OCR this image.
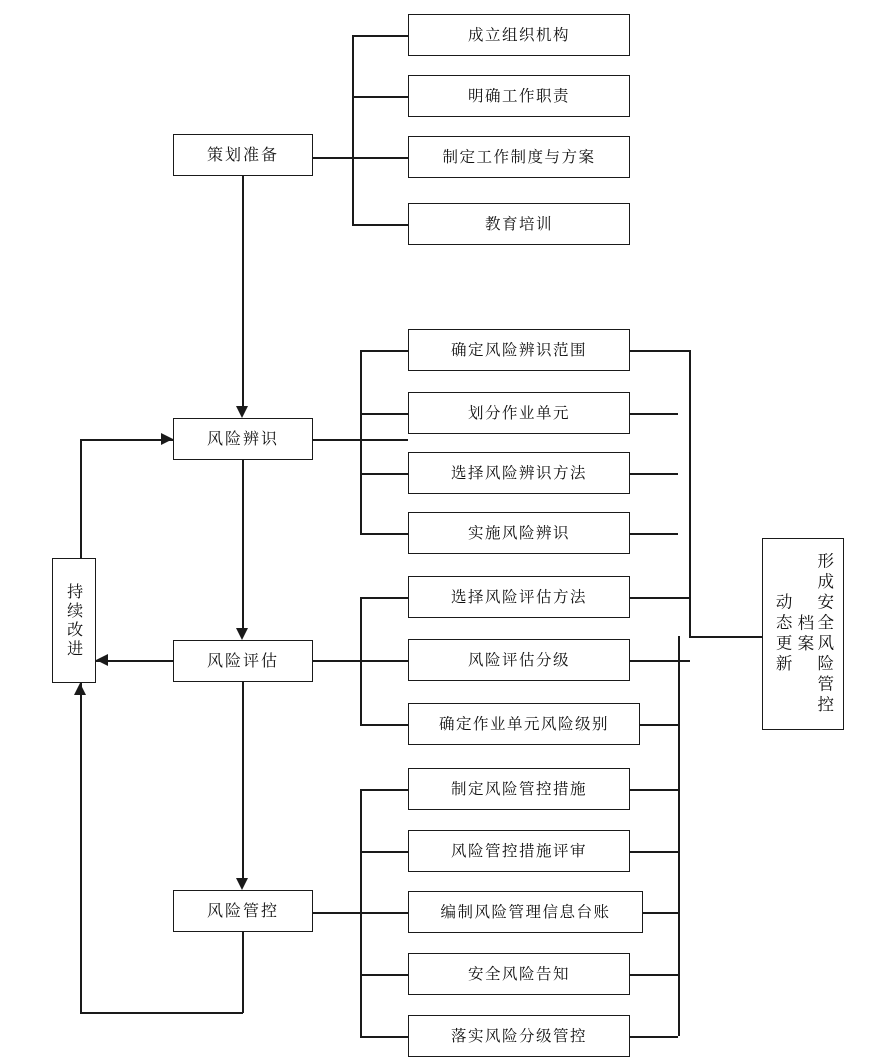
策划准备
风险辨识
风险评估
风险管控
持续改进	动态更新	形成安全风险管控档案
成立组织机构
明确工作职责
制定工作制度与方案
教育培训
确定风险辨识范围
划分作业单元
选择风险辨识方法
实施风险辨识
选择风险评估方法
风险评估分级
确定作业单元风险级别
制定风险管控措施
风险管控措施评审
编制风险管理信息台账
安全风险告知
落实风险分级管控
